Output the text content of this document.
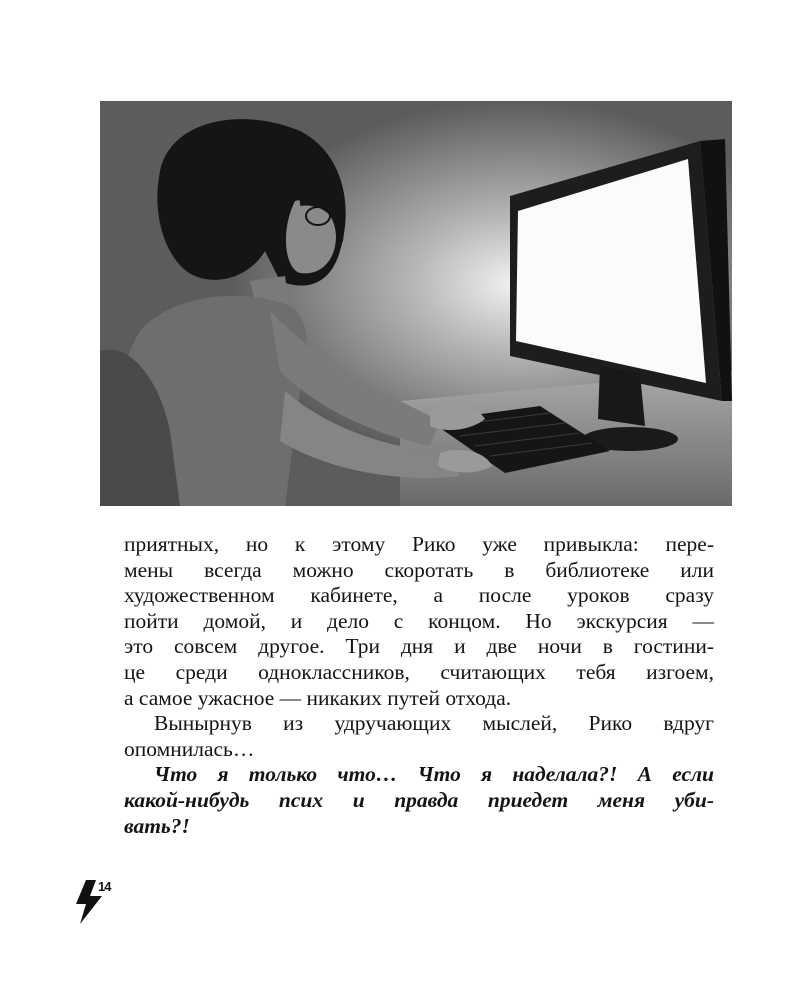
приятных, но к этому Рико уже привыкла: пере-
мены всегда можно скоротать в библиотеке или
художественном кабинете, а после уроков сразу
пойти домой, и дело с концом. Но экскурсия —
это совсем другое. Три дня и две ночи в гостини-
це среди одноклассников, считающих тебя изгоем,
а самое ужасное — никаких путей отхода.
Вынырнув из удручающих мыслей, Рико вдруг
опомнилась…
Что я только что… Что я наделала?! А если
какой-нибудь псих и правда приедет меня уби-
вать?!
14
